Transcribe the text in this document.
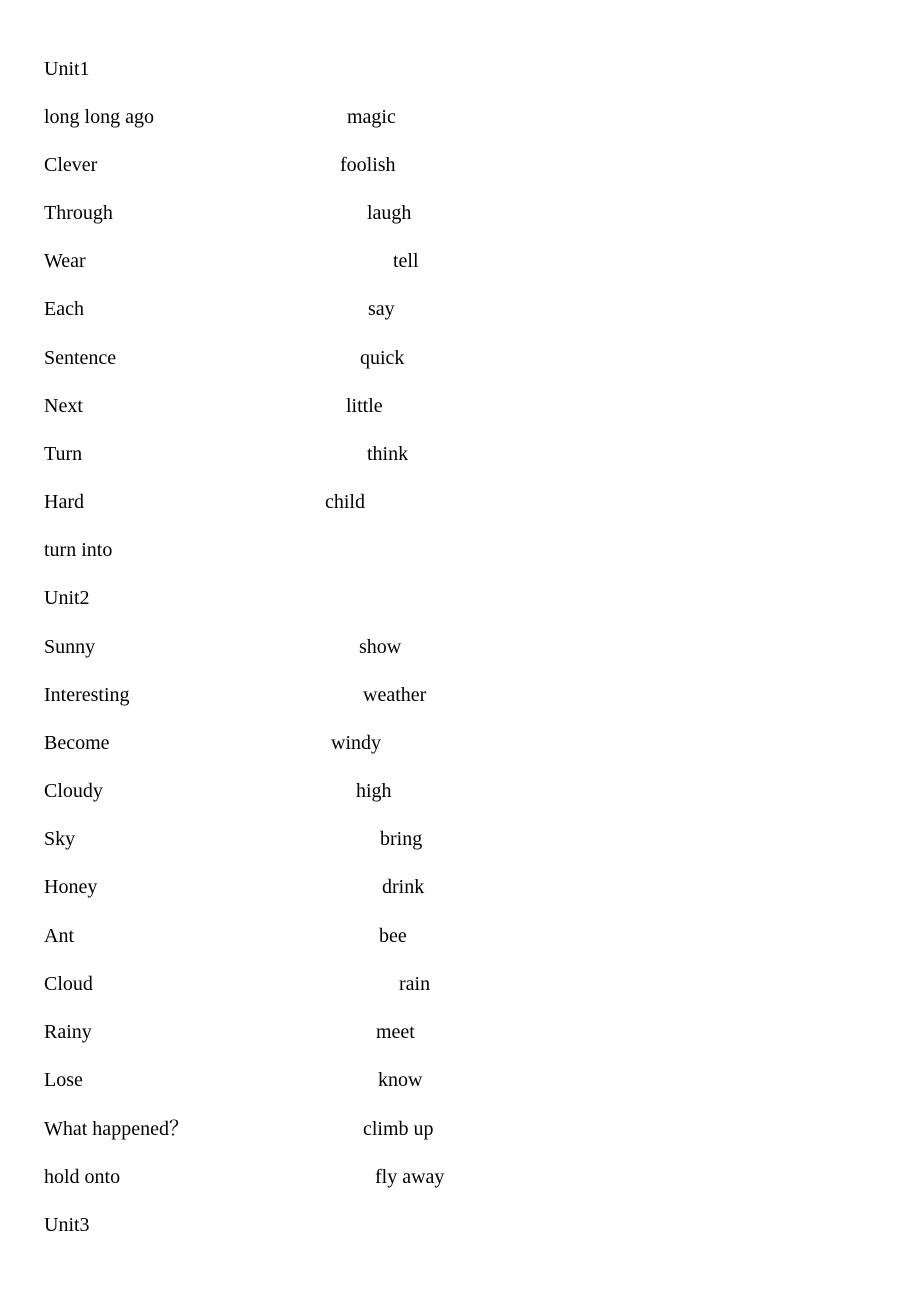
Unit1
long long ago	magic
Clever	foolish
Through	laugh
Wear	tell
Each	say
Sentence	quick
Next	little
Turn	think
Hard	child
turn into
Unit2
Sunny	show
Interesting	weather
Become	windy
Cloudy	high
Sky	bring
Honey	drink
Ant	bee
Cloud	rain
Rainy	meet
Lose	know
What happened？	climb up
hold onto	fly away
Unit3
